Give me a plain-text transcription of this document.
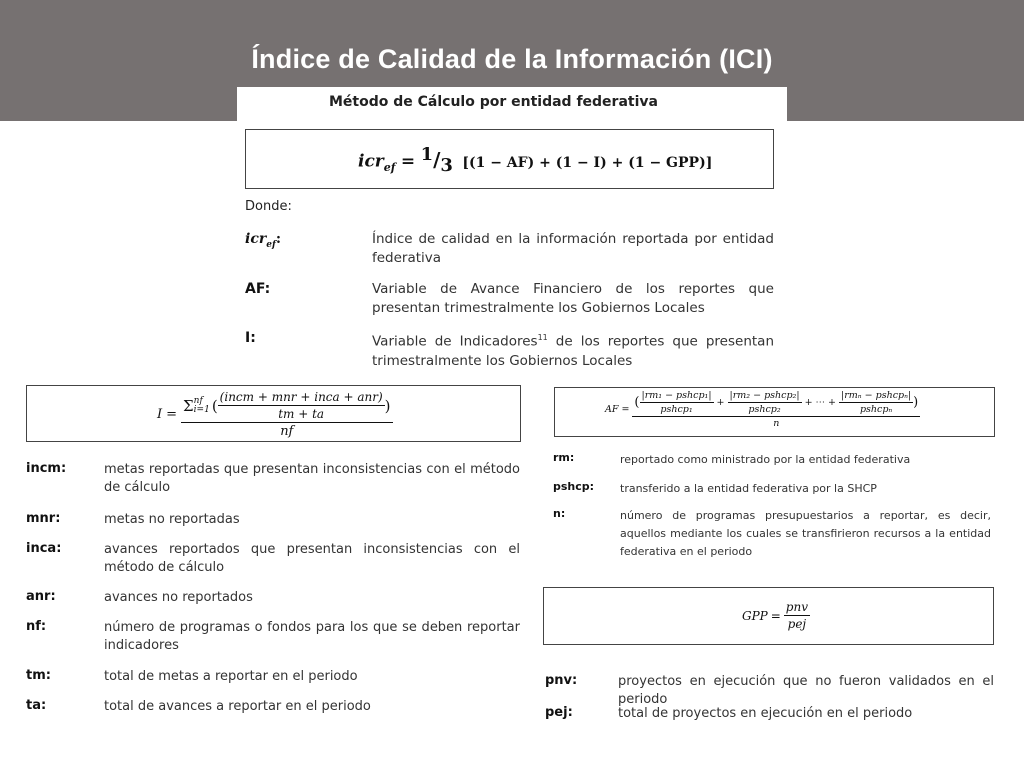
Índice de Calidad de la Información (ICI)
Método de Cálculo por entidad federativa
$icr_{ef} = ^1/_3$ [(1 − AF) + (1 − I) + (1 − GPP)]
Donde:
icr$_{ef}$:	Índice de calidad en la información reportada por entidad federativa
AF:	Variable de Avance Financiero de los reportes que presentan trimestralmente los Gobiernos Locales
I:	Variable de Indicadores$^{11}$ de los reportes que presentan trimestralmente los Gobiernos Locales
I = Σ nf
i=1 ( $\frac{\text{(incm + mnr + inca + anr)}}{tm + ta}$ )
nf
incm:	metas reportadas que presentan inconsistencias con el método de cálculo
mnr:	metas no reportadas
inca:	avances reportados que presentan inconsistencias con el método de cálculo
anr:	avances no reportados
nf:	número de programas o fondos para los que se deben reportar indicadores
tm:	total de metas a reportar en el periodo
ta:	total de avances a reportar en el periodo
AF = ( $\frac{\text{|rm₁ − pshcp₁|}}{\text{pshcp₁}} + \frac{\text{|rm₂ − pshcp₂|}}{\text{pshcp₂}}$ + ⋯ + $\frac{\text{|rmₙ − pshcpₙ|}}{\text{pshcpₙ}}$ )
n
rm:	reportado como ministrado por la entidad federativa
pshcp: transferido a la entidad federativa por la SHCP
n:	número de programas presupuestarios a reportar, es decir, aquellos mediante los cuales se transfirieron recursos a la entidad federativa en el periodo
GPP = $\frac{\text{pnv}}{\text{pej}}$
pnv:	proyectos en ejecución que no fueron validados en el periodo
pej:	total de proyectos en ejecución en el periodo
